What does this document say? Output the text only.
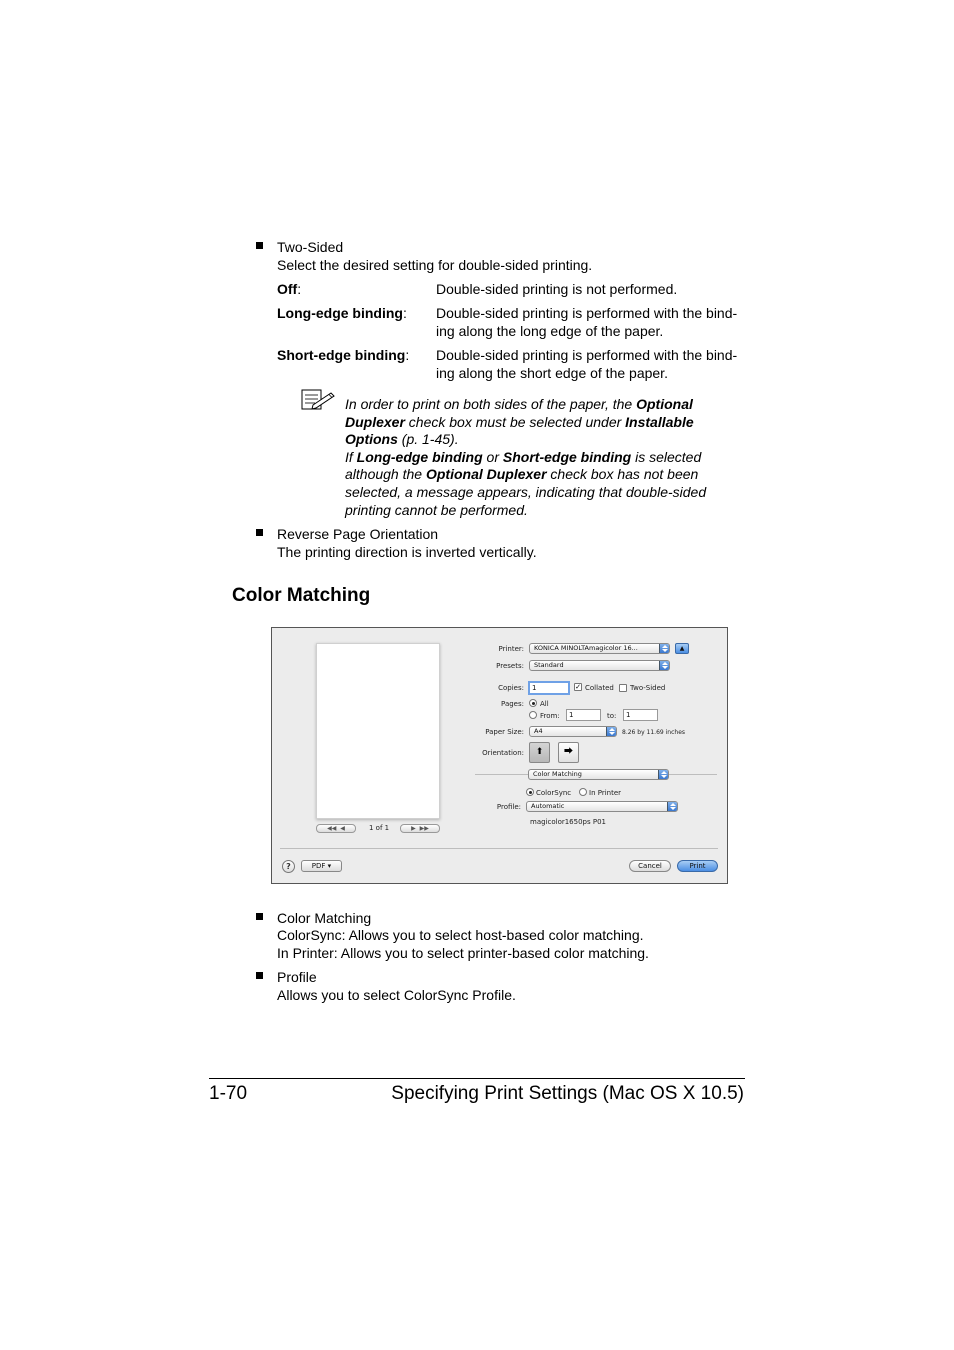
Two-Sided
Select the desired setting for double-sided printing.
Off:	Double-sided printing is not performed.
Long-edge binding: Double-sided printing is performed with the bind-
ing along the long edge of the paper.
Short-edge binding: Double-sided printing is performed with the bind-
ing along the short edge of the paper.
In order to print on both sides of the paper, the Optional
Duplexer check box must be selected under Installable
Options (p. 1-45).
If Long-edge binding or Short-edge binding is selected
although the Optional Duplexer check box has not been
selected, a message appears, indicating that double-sided
printing cannot be performed.
Reverse Page Orientation
The printing direction is inverted vertically.
Color Matching
◀◀  ◀	1 of 1	▶  ▶▶
Printer:	KONICA MINOLTAmagicolor 16...	▲
Presets:	Standard
Copies:	1	✓ Collated Two-Sided
Pages: All
From:	1	to:	1
Paper Size:	A4	8.26 by 11.69 inches
Orientation:	⬆	⮕
Color Matching
ColorSync	In Printer
Profile:	Automatic
magicolor1650ps P01
?	PDF ▾	Cancel	Print
Color Matching
ColorSync: Allows you to select host-based color matching.
In Printer: Allows you to select printer-based color matching.
Profile
Allows you to select ColorSync Profile.
1-70	Specifying Print Settings (Mac OS X 10.5)
